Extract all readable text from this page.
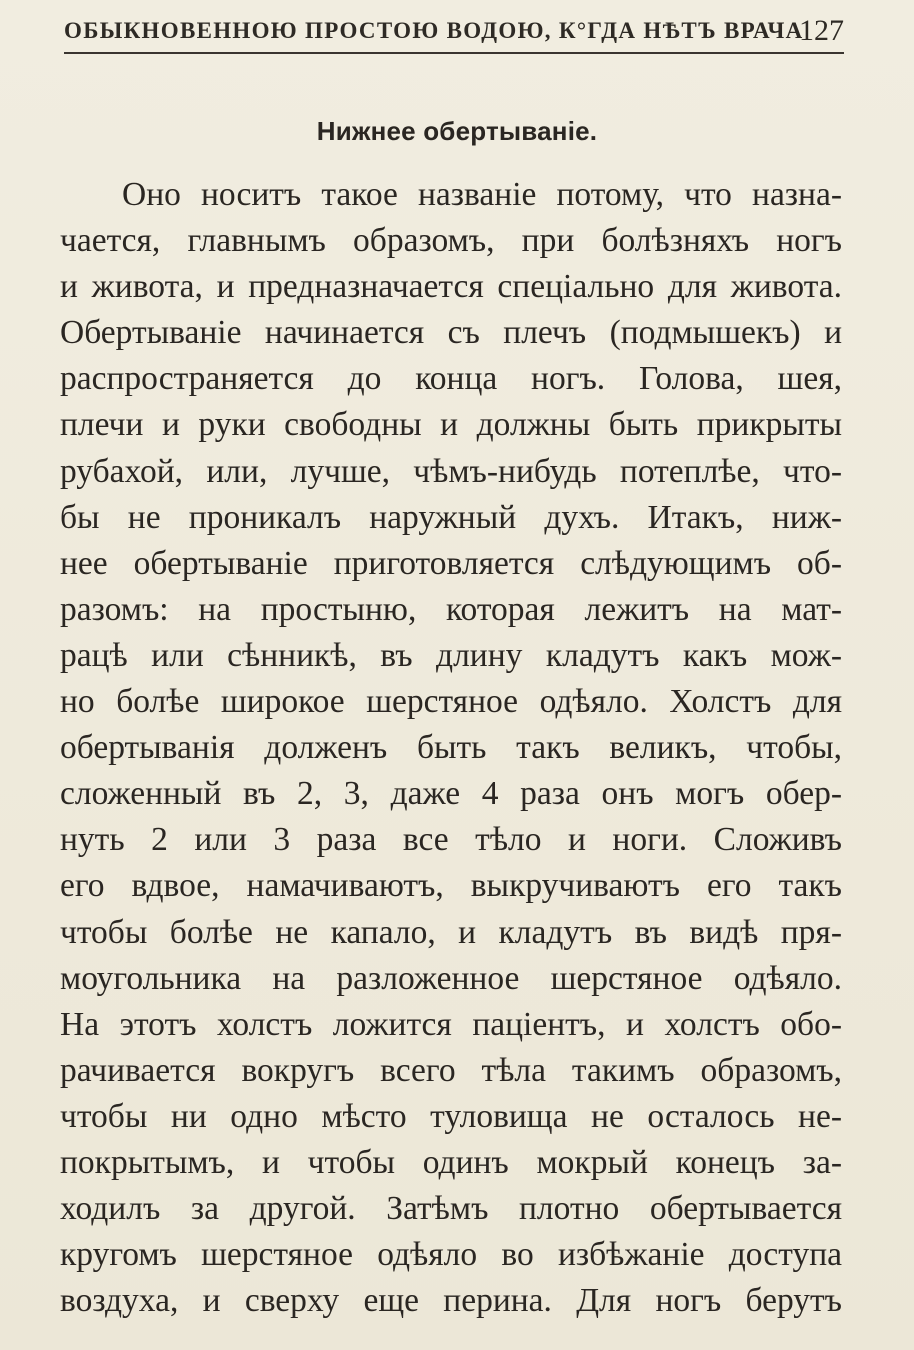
ОБЫКНОВЕННОЮ ПРОСТОЮ ВОДОЮ, К°ГДА НѢТЪ ВРАЧА
127
Нижнее обертываніе.
Оно носитъ такое названіе потому, что назна-
чается, главнымъ образомъ, при болѣзняхъ ногъ
и живота, и предназначается спеціально для живота.
Обертываніе начинается съ плечъ (подмышекъ) и
распространяется до конца ногъ. Голова, шея,
плечи и руки свободны и должны быть прикрыты
рубахой, или, лучше, чѣмъ-нибудь потеплѣе, что-
бы не проникалъ наружный духъ. Итакъ, ниж-
нее обертываніе приготовляется слѣдующимъ об-
разомъ: на простыню, которая лежитъ на мат-
рацѣ или сѣнникѣ, въ длину кладутъ какъ мож-
но болѣе широкое шерстяное одѣяло. Холстъ для
обертыванія долженъ быть такъ великъ, чтобы,
сложенный въ 2, 3, даже 4 раза онъ могъ обер-
нуть 2 или 3 раза все тѣло и ноги. Сложивъ
его вдвое, намачиваютъ, выкручиваютъ его такъ
чтобы болѣе не капало, и кладутъ въ видѣ пря-
моугольника на разложенное шерстяное одѣяло.
На этотъ холстъ ложится паціентъ, и холстъ обо-
рачивается вокругъ всего тѣла такимъ образомъ,
чтобы ни одно мѣсто туловища не осталось не-
покрытымъ, и чтобы одинъ мокрый конецъ за-
ходилъ за другой. Затѣмъ плотно обертывается
кругомъ шерстяное одѣяло во избѣжаніе доступа
воздуха, и сверху еще перина. Для ногъ берутъ
